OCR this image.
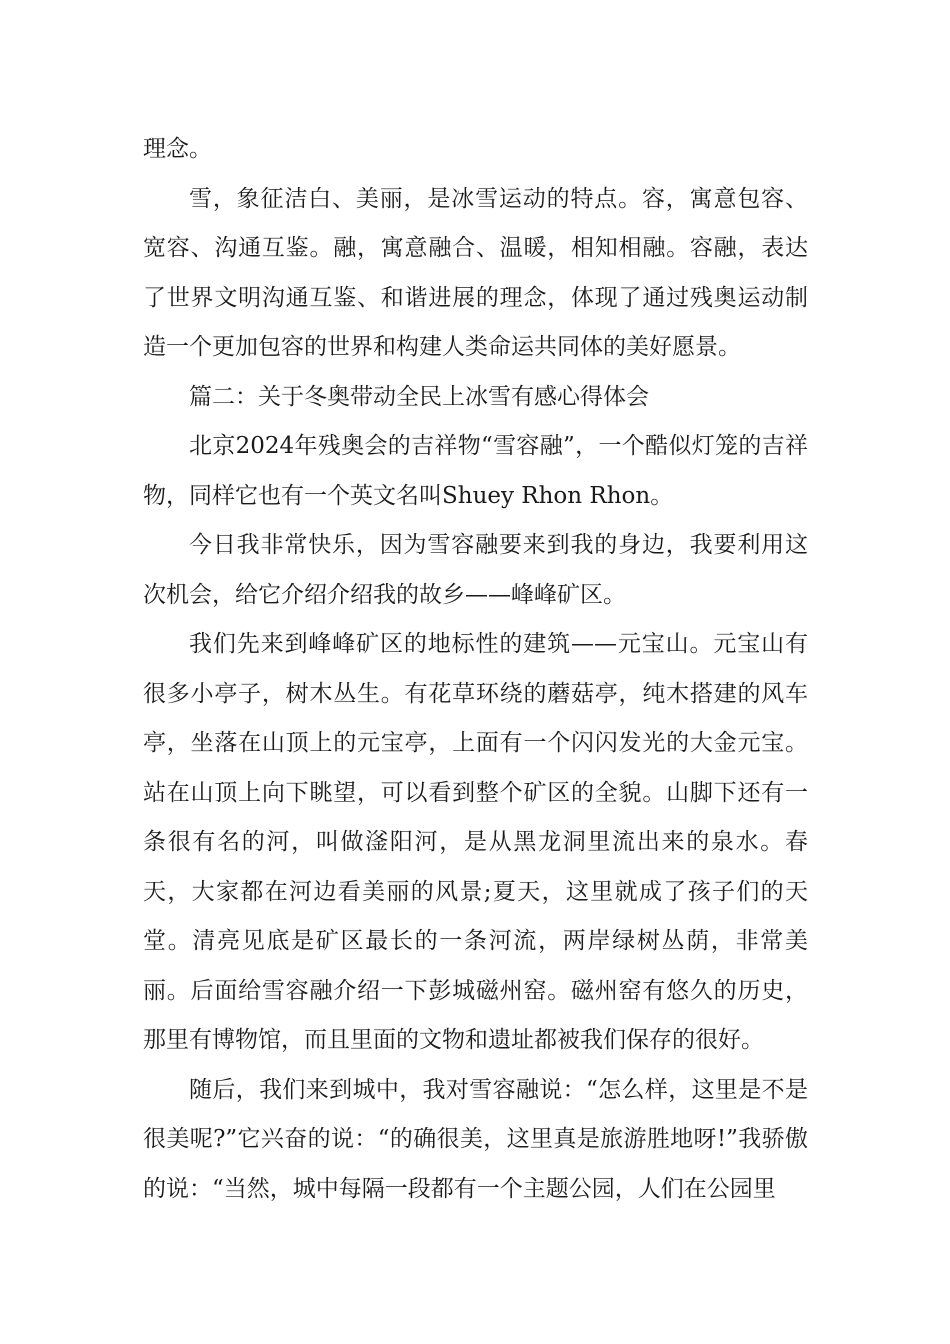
理念。

雪，象征洁白、美丽，是冰雪运动的特点。容，寓意包容、宽容、沟通互鉴。融，寓意融合、温暖，相知相融。容融，表达了世界文明沟通互鉴、和谐进展的理念，体现了通过残奥运动制造一个更加包容的世界和构建人类命运共同体的美好愿景。

篇二：关于冬奥带动全民上冰雪有感心得体会

北京2024年残奥会的吉祥物“雪容融”，一个酷似灯笼的吉祥物，同样它也有一个英文名叫Shuey Rhon Rhon。

今日我非常快乐，因为雪容融要来到我的身边，我要利用这次机会，给它介绍介绍我的故乡——峰峰矿区。

我们先来到峰峰矿区的地标性的建筑——元宝山。元宝山有很多小亭子，树木丛生。有花草环绕的蘑菇亭，纯木搭建的风车亭，坐落在山顶上的元宝亭，上面有一个闪闪发光的大金元宝。站在山顶上向下眺望，可以看到整个矿区的全貌。山脚下还有一条很有名的河，叫做滏阳河，是从黑龙洞里流出来的泉水。春天，大家都在河边看美丽的风景;夏天，这里就成了孩子们的天堂。清亮见底是矿区最长的一条河流，两岸绿树丛荫，非常美丽。后面给雪容融介绍一下彭城磁州窑。磁州窑有悠久的历史，那里有博物馆，而且里面的文物和遗址都被我们保存的很好。

随后，我们来到城中，我对雪容融说：“怎么样，这里是不是很美呢?”它兴奋的说：“的确很美，这里真是旅游胜地呀!”我骄傲的说：“当然，城中每隔一段都有一个主题公园，人们在公园里
